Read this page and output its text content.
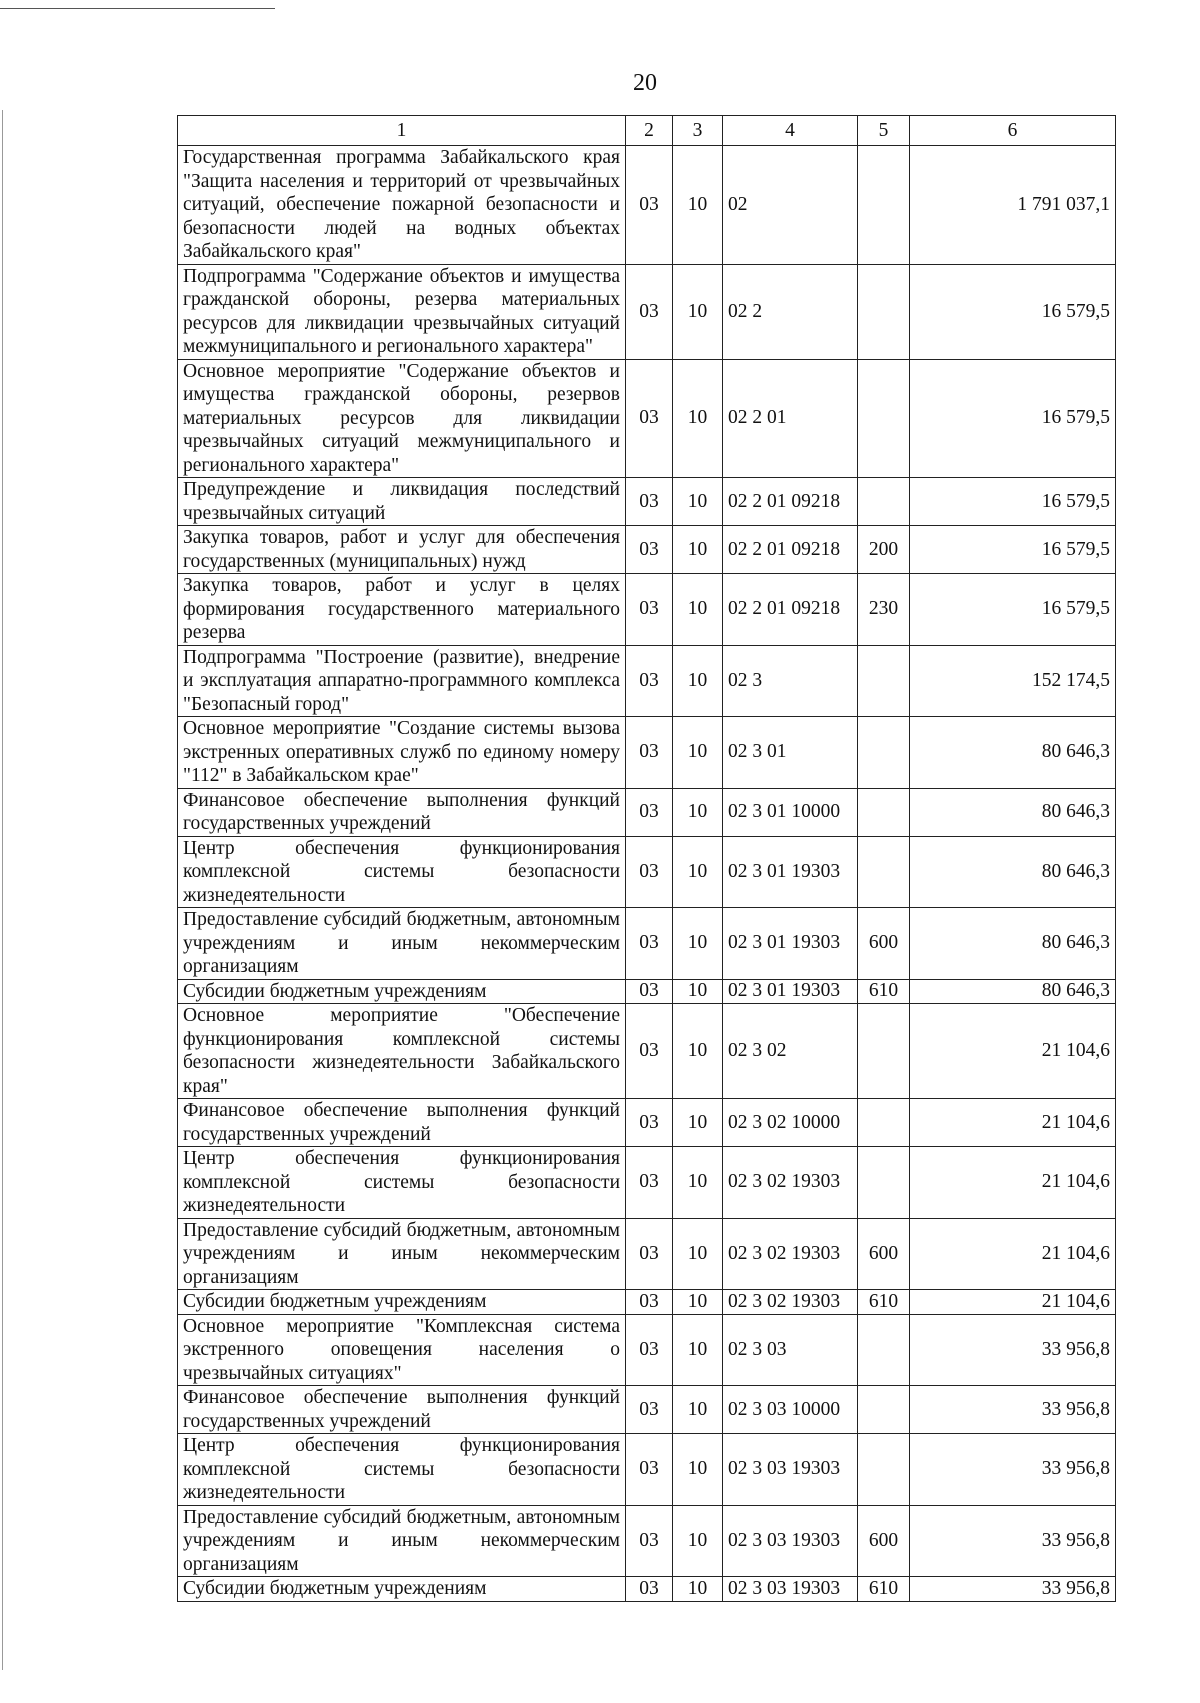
20
1	2	3	4	5	6
Государственная программа Забайкальского края "Защита населения и территорий от чрезвычайных ситуаций, обеспечение пожарной безопасности и безопасности людей на водных объектах Забайкальского края"	03	10	02		1 791 037,1
Подпрограмма "Содержание объектов и имущества гражданской обороны, резерва материальных ресурсов для ликвидации чрезвычайных ситуаций межмуниципального и регионального характера"	03	10	02 2		16 579,5
Основное мероприятие "Содержание объектов и имущества гражданской обороны, резервов материальных ресурсов для ликвидации чрезвычайных ситуаций межмуниципального и регионального характера"	03	10	02 2 01		16 579,5
Предупреждение и ликвидация последствий чрезвычайных ситуаций	03	10	02 2 01 09218		16 579,5
Закупка товаров, работ и услуг для обеспечения государственных (муниципальных) нужд	03	10	02 2 01 09218	200	16 579,5
Закупка товаров, работ и услуг в целях формирования государственного материального резерва	03	10	02 2 01 09218	230	16 579,5
Подпрограмма "Построение (развитие), внедрение и эксплуатация аппаратно-программного комплекса "Безопасный город"	03	10	02 3		152 174,5
Основное мероприятие "Создание системы вызова экстренных оперативных служб по единому номеру "112" в Забайкальском крае"	03	10	02 3 01		80 646,3
Финансовое обеспечение выполнения функций государственных учреждений	03	10	02 3 01 10000		80 646,3
Центр обеспечения функционирования комплексной системы безопасности жизнедеятельности	03	10	02 3 01 19303		80 646,3
Предоставление субсидий бюджетным, автономным учреждениям и иным некоммерческим организациям	03	10	02 3 01 19303	600	80 646,3
Субсидии бюджетным учреждениям	03	10	02 3 01 19303	610	80 646,3
Основное мероприятие "Обеспечение функционирования комплексной системы безопасности жизнедеятельности Забайкальского края"	03	10	02 3 02		21 104,6
Финансовое обеспечение выполнения функций государственных учреждений	03	10	02 3 02 10000		21 104,6
Центр обеспечения функционирования комплексной системы безопасности жизнедеятельности	03	10	02 3 02 19303		21 104,6
Предоставление субсидий бюджетным, автономным учреждениям и иным некоммерческим организациям	03	10	02 3 02 19303	600	21 104,6
Субсидии бюджетным учреждениям	03	10	02 3 02 19303	610	21 104,6
Основное мероприятие "Комплексная система экстренного оповещения населения о чрезвычайных ситуациях"	03	10	02 3 03		33 956,8
Финансовое обеспечение выполнения функций государственных учреждений	03	10	02 3 03 10000		33 956,8
Центр обеспечения функционирования комплексной системы безопасности жизнедеятельности	03	10	02 3 03 19303		33 956,8
Предоставление субсидий бюджетным, автономным учреждениям и иным некоммерческим организациям	03	10	02 3 03 19303	600	33 956,8
Субсидии бюджетным учреждениям	03	10	02 3 03 19303	610	33 956,8
